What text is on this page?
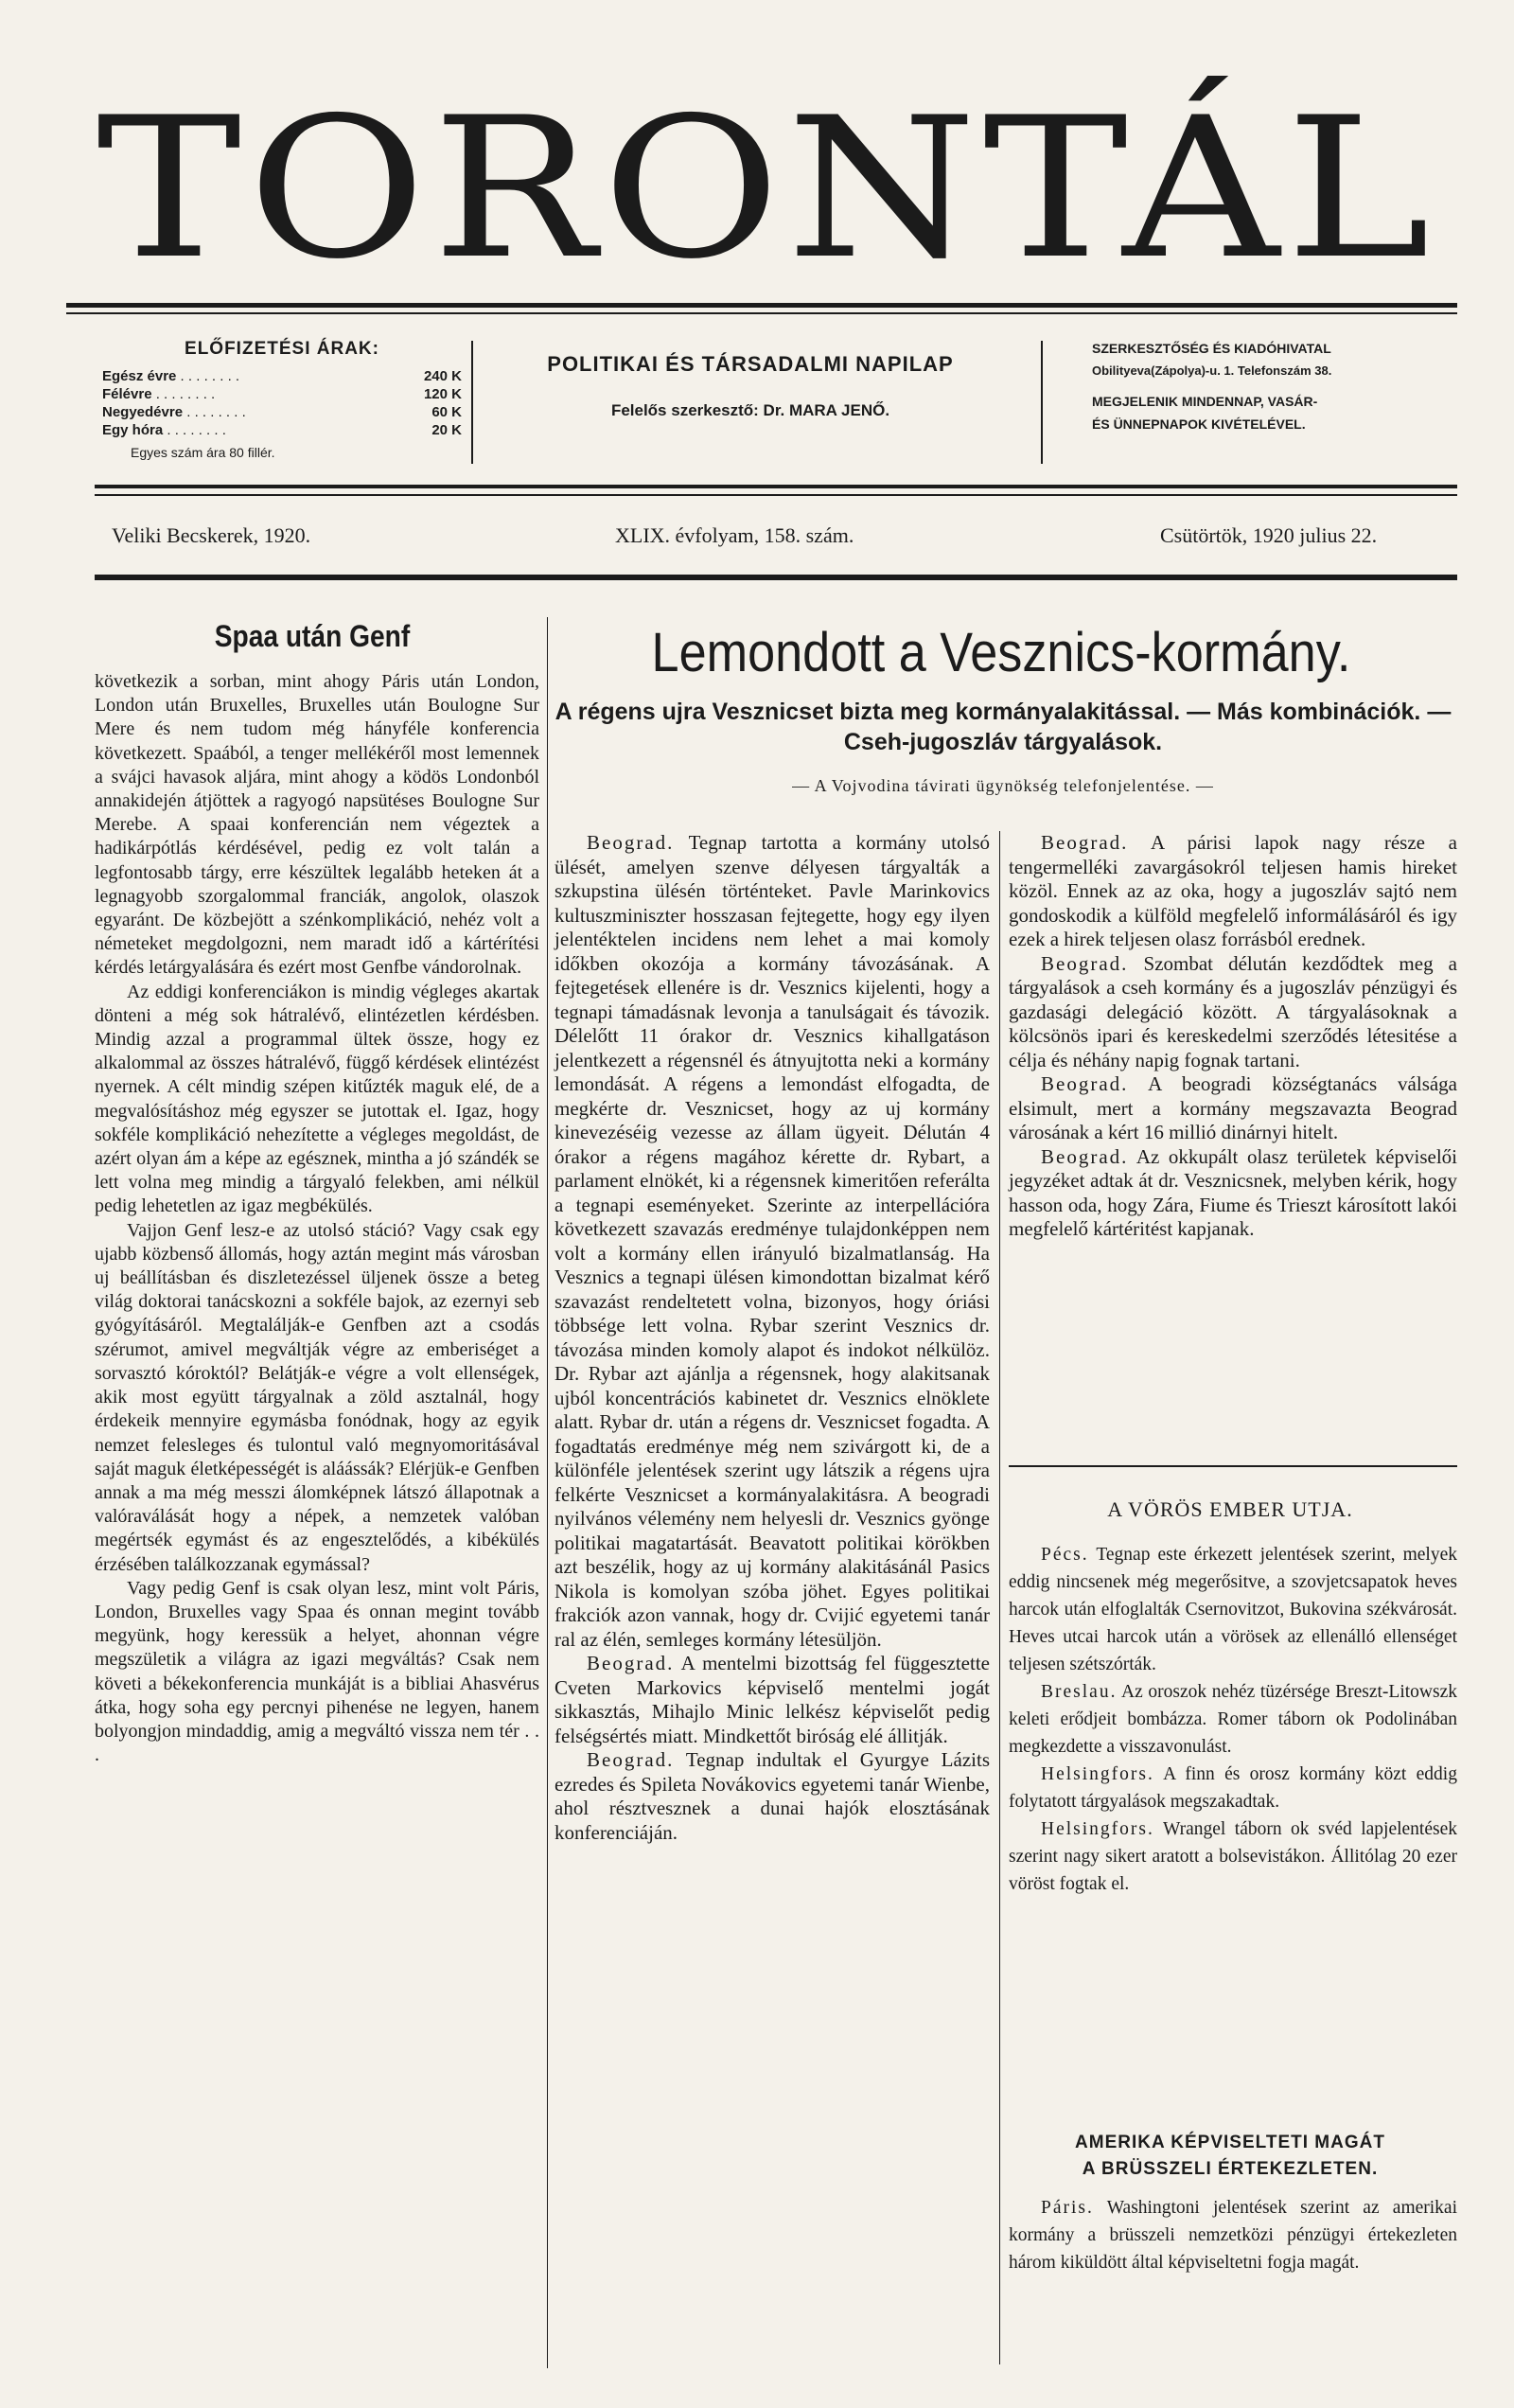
TORONTÁL
ELŐFIZETÉSI ÁRAK:
Egész évre . . .	240 K
Félévre . . .	120 K
Negyedévre . . .	60 K
Egy hóra . . .	20 K
Egyes szám ára 80 fillér.
POLITIKAI ÉS TÁRSADALMI NAPILAP
Felelős szerkesztő: Dr. MARA JENŐ.
SZERKESZTŐSÉG ÉS KIADÓHIVATAL
Obilityeva(Zápolya)-u. 1. Telefonszám 38.
MEGJELENIK MINDENNAP, VASÁR-
ÉS ÜNNEPNAPOK KIVÉTELÉVEL.
Veliki Becskerek, 1920.	XLIX. évfolyam, 158. szám.	Csütörtök, 1920 julius 22.
Spaa után Genf

következik a sorban, mint ahogy Páris után London, London után Bruxelles, Bruxelles után Boulogne Sur Mere és nem tudom még hányféle konferencia következett. Spaából, a tenger mellékéről most lemennek a svájci havasok aljára, mint ahogy a ködös Londonból annakidején átjöttek a ragyogó napsütéses Boulogne Sur Merebe. A spaai konferencián nem végeztek a hadikárpótlás kérdésével, pedig ez volt talán a legfontosabb tárgy, erre készültek legalább heteken át a legnagyobb szorgalommal franciák, angolok, olaszok egyaránt. De közbejött a szénkomplikáció, nehéz volt a németeket megdolgozni, nem maradt idő a kártérítési kérdés letárgyalására és ezért most Genfbe vándorolnak.

Az eddigi konferenciákon is mindig végleges akartak dönteni a még sok hátralévő, elintézetlen kérdésben. Mindig azzal a programmal ültek össze, hogy ez alkalommal az összes hátralévő, függő kérdések elintézést nyernek. A célt mindig szépen kitűzték maguk elé, de a megvalósításhoz még egyszer se jutottak el. Igaz, hogy sokféle komplikáció nehezítette a végleges megoldást, de azért olyan ám a képe az egésznek, mintha a jó szándék se lett volna meg mindig a tárgyaló felekben, ami nélkül pedig lehetetlen az igaz megbékülés.

Vajjon Genf lesz-e az utolsó stáció? Vagy csak egy ujabb közbenső állomás, hogy aztán megint más városban uj beállításban és diszletezéssel üljenek össze a beteg világ doktorai tanácskozni a sokféle bajok, az ezernyi seb gyógyításáról. Megtalálják-e Genfben azt a csodás szérumot, amivel megváltják végre az emberiséget a sorvasztó kóroktól? Belátják-e végre a volt ellenségek, akik most együtt tárgyalnak a zöld asztalnál, hogy érdekeik mennyire egymásba fonódnak, hogy az egyik nemzet felesleges és tulontul való megnyomoritásával saját maguk életképességét is aláássák? Elérjük-e Genfben annak a ma még messzi álomképnek látszó állapotnak a valóraválását hogy a népek, a nemzetek valóban megértsék egymást és az engesztelődés, a kibékülés érzésében találkozzanak egymással?

Vagy pedig Genf is csak olyan lesz, mint volt Páris, London, Bruxelles vagy Spaa és onnan megint tovább megyünk, hogy keressük a helyet, ahonnan végre megszületik a világra az igazi megváltás? Csak nem követi a békekonferencia munkáját is a bibliai Ahasvérus átka, hogy soha egy percnyi pihenése ne legyen, hanem bolyongjon mindaddig, amig a megváltó vissza nem tér . . .

Lemondott a Vesznics-kormány.
A régens ujra Vesznicset bizta meg kormányalakitással. — Más kombinációk. — Cseh-jugoszláv tárgyalások.
— A Vojvodina távirati ügynökség telefonjelentése. —

Beograd. Tegnap tartotta a kormány utolsó ülését, amelyen szenve délyesen tárgyalták a szkupstina ülésén történteket. Pavle Marinkovics kultuszminiszter hosszasan fejtegette, hogy egy ilyen jelentéktelen incidens nem lehet a mai komoly időkben okozója a kormány távozásának. A fejtegetések ellenére is dr. Vesznics kijelenti, hogy a tegnapi támadásnak levonja a tanulságait és távozik. Délelőtt 11 órakor dr. Vesznics kihallgatáson jelentkezett a régensnél és átnyujtotta neki a kormány lemondását. A régens a lemondást elfogadta, de megkérte dr. Vesznicset, hogy az uj kormány kinevezéséig vezesse az állam ügyeit. Délután 4 órakor a régens magához kérette dr. Rybart, a parlament elnökét, ki a régensnek kimeritően referálta a tegnapi eseményeket. Szerinte az interpellációra következett szavazás eredménye tulajdonképpen nem volt a kormány ellen irányuló bizalmatlanság. Ha Vesznics a tegnapi ülésen kimondottan bizalmat kérő szavazást rendeltetett volna, bizonyos, hogy óriási többsége lett volna. Rybar szerint Vesznics dr. távozása minden komoly alapot és indokot nélkülöz. Dr. Rybar azt ajánlja a régensnek, hogy alakitsanak ujból koncentrációs kabinetet dr. Vesznics elnöklete alatt. Rybar dr. után a régens dr. Vesznicset fogadta. A fogadtatás eredménye még nem szivárgott ki, de a különféle jelentések szerint ugy látszik a régens ujra felkérte Vesznicset a kormányalakitásra. A beogradi nyilvános vélemény nem helyesli dr. Vesznics gyönge politikai magatartását. Beavatott politikai körökben azt beszélik, hogy az uj kormány alakitásánál Pasics Nikola is komolyan szóba jöhet. Egyes politikai frakciók azon vannak, hogy dr. Cvijić egyetemi tanár ral az élén, semleges kormány létesüljön.

Beograd. A mentelmi bizottság fel függesztette Cveten Markovics képviselő mentelmi jogát sikkasztás, Mihajlo Minic lelkész képviselőt pedig felségsértés miatt. Mindkettőt biróság elé állitják.

Beograd. Tegnap indultak el Gyurgye Lázits ezredes és Spileta Novákovics egyetemi tanár Wienbe, ahol résztvesznek a dunai hajók elosztásának konferenciáján.

Beograd. A párisi lapok nagy része a tengermelléki zavargásokról teljesen hamis hireket közöl. Ennek az az oka, hogy a jugoszláv sajtó nem gondoskodik a külföld megfelelő informálásáról és igy ezek a hirek teljesen olasz forrásból erednek.

Beograd. Szombat délután kezdődtek meg a tárgyalások a cseh kormány és a jugoszláv pénzügyi és gazdasági delegáció között. A tárgyalásoknak a kölcsönös ipari és kereskedelmi szerződés létesitése a célja és néhány napig fognak tartani.

Beograd. A beogradi községtanács válsága elsimult, mert a kormány megszavazta Beograd városának a kért 16 millió dinárnyi hitelt.

Beograd. Az okkupált olasz területek képviselői jegyzéket adtak át dr. Vesznicsnek, melyben kérik, hogy hasson oda, hogy Zára, Fiume és Trieszt károsított lakói megfelelő kártéritést kapjanak.

A VÖRÖS EMBER UTJA.

Pécs. Tegnap este érkezett jelentések szerint, melyek eddig nincsenek még megerősitve, a szovjetcsapatok heves harcok után elfoglalták Csernovitzot, Bukovina székvárosát. Heves utcai harcok után a vörösek az ellenálló ellenséget teljesen szétszórták.

Breslau. Az oroszok nehéz tüzérsége Breszt-Litowszk keleti erődjeit bombázza. Romer táborn ok Podolinában megkezdette a visszavonulást.

Helsingfors. A finn és orosz kormány közt eddig folytatott tárgyalások megszakadtak.

Helsingfors. Wrangel táborn ok svéd lapjelentések szerint nagy sikert aratott a bolsevistákon. Állitólag 20 ezer vöröst fogtak el.

AMERIKA KÉPVISELTETI MAGÁT
A BRÜSSZELI ÉRTEKEZLETEN.

Páris. Washingtoni jelentések szerint az amerikai kormány a brüsszeli nemzetközi pénzügyi értekezleten három kiküldött által képviseltetni fogja magát.
